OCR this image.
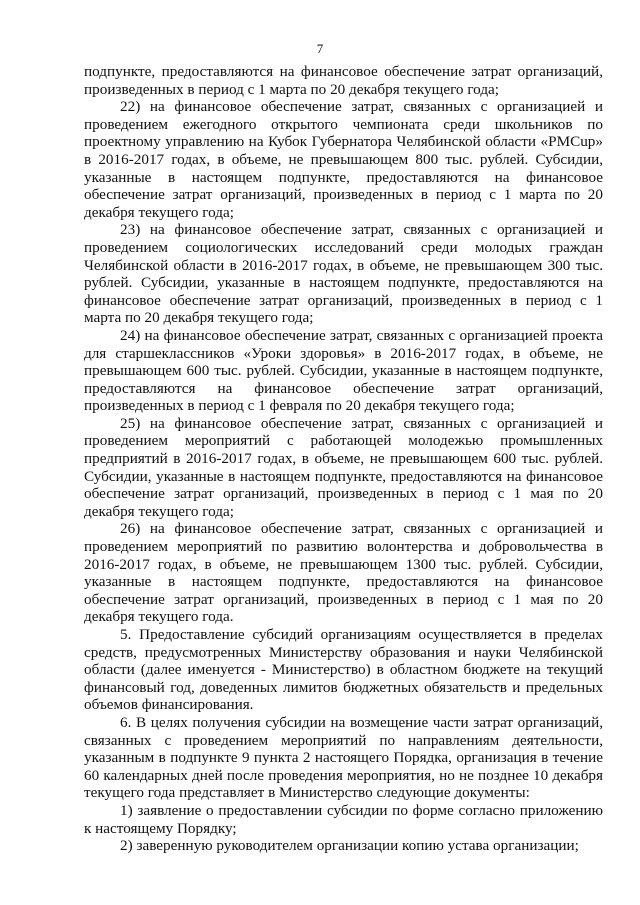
7

подпункте, предоставляются на финансовое обеспечение затрат организаций, произведенных в период с 1 марта по 20 декабря текущего года;

22) на финансовое обеспечение затрат, связанных с организацией и проведением ежегодного открытого чемпионата среди школьников по проектному управлению на Кубок Губернатора Челябинской области «PMCup» в 2016-2017 годах, в объеме, не превышающем 800 тыс. рублей. Субсидии, указанные в настоящем подпункте, предоставляются на финансовое обеспечение затрат организаций, произведенных в период с 1 марта по 20 декабря текущего года;

23) на финансовое обеспечение затрат, связанных с организацией и проведением социологических исследований среди молодых граждан Челябинской области в 2016-2017 годах, в объеме, не превышающем 300 тыс. рублей. Субсидии, указанные в настоящем подпункте, предоставляются на финансовое обеспечение затрат организаций, произведенных в период с 1 марта по 20 декабря текущего года;

24) на финансовое обеспечение затрат, связанных с организацией проекта для старшеклассников «Уроки здоровья» в 2016-2017 годах, в объеме, не превышающем 600 тыс. рублей. Субсидии, указанные в настоящем подпункте, предоставляются на финансовое обеспечение затрат организаций, произведенных в период с 1 февраля по 20 декабря текущего года;

25) на финансовое обеспечение затрат, связанных с организацией и проведением мероприятий с работающей молодежью промышленных предприятий в 2016-2017 годах, в объеме, не превышающем 600 тыс. рублей. Субсидии, указанные в настоящем подпункте, предоставляются на финансовое обеспечение затрат организаций, произведенных в период с 1 мая по 20 декабря текущего года;

26) на финансовое обеспечение затрат, связанных с организацией и проведением мероприятий по развитию волонтерства и добровольчества в 2016-2017 годах, в объеме, не превышающем 1300 тыс. рублей. Субсидии, указанные в настоящем подпункте, предоставляются на финансовое обеспечение затрат организаций, произведенных в период с 1 мая по 20 декабря текущего года.

5. Предоставление субсидий организациям осуществляется в пределах средств, предусмотренных Министерству образования и науки Челябинской области (далее именуется - Министерство) в областном бюджете на текущий финансовый год, доведенных лимитов бюджетных обязательств и предельных объемов финансирования.

6. В целях получения субсидии на возмещение части затрат организаций, связанных с проведением мероприятий по направлениям деятельности, указанным в подпункте 9 пункта 2 настоящего Порядка, организация в течение 60 календарных дней после проведения мероприятия, но не позднее 10 декабря текущего года представляет в Министерство следующие документы:

1) заявление о предоставлении субсидии по форме согласно приложению к настоящему Порядку;

2) заверенную руководителем организации копию устава организации;
